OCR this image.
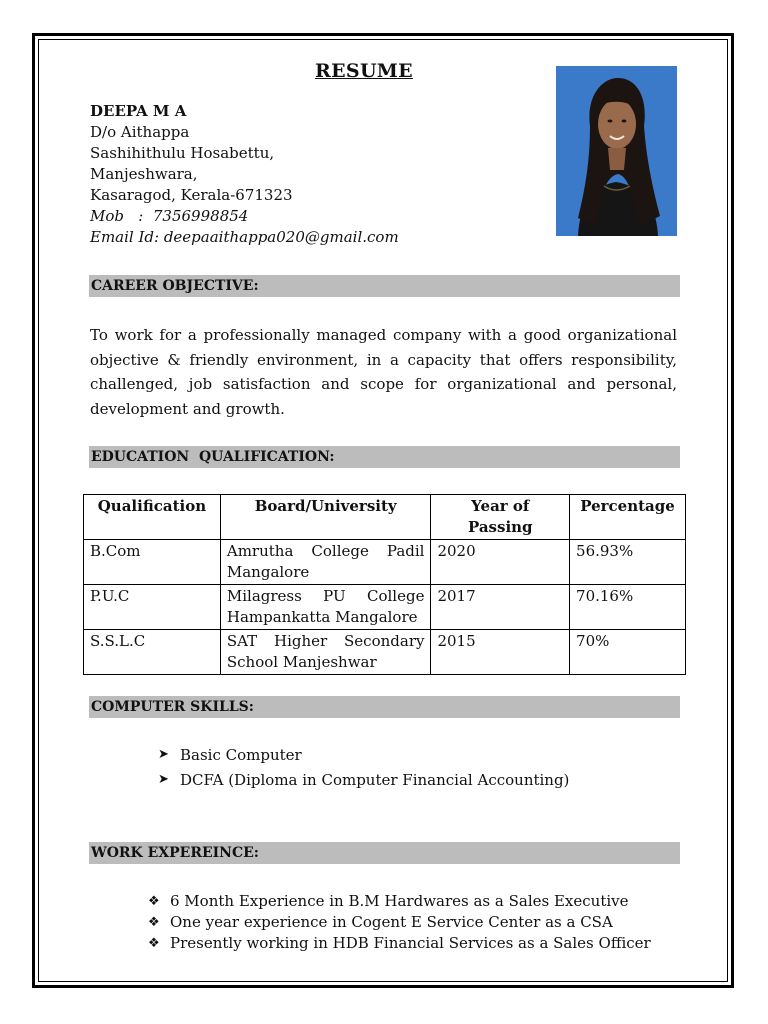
RESUME
DEEPA M A
D/o Aithappa
Sashihithulu Hosabettu,
Manjeshwara,
Kasaragod, Kerala-671323
Mob   :  7356998854
Email Id: deepaaithappa020@gmail.com
CAREER OBJECTIVE:
To work for a professionally managed company with a good organizational objective & friendly environment, in a capacity that offers responsibility, challenged, job satisfaction and scope for organizational and personal, development and growth.
EDUCATION  QUALIFICATION:
Qualification	Board/University	Year of Passing	Percentage
B.Com	Amrutha College Padil Mangalore	2020	56.93%
P.U.C	Milagress PU College Hampankatta Mangalore	2017	70.16%
S.S.L.C	SAT Higher Secondary School Manjeshwar	2015	70%
COMPUTER SKILLS:
➤ Basic Computer
➤ DCFA (Diploma in Computer Financial Accounting)
WORK EXPEREINCE:
❖ 6 Month Experience in B.M Hardwares as a Sales Executive
❖ One year experience in Cogent E Service Center as a CSA
❖ Presently working in HDB Financial Services as a Sales Officer
